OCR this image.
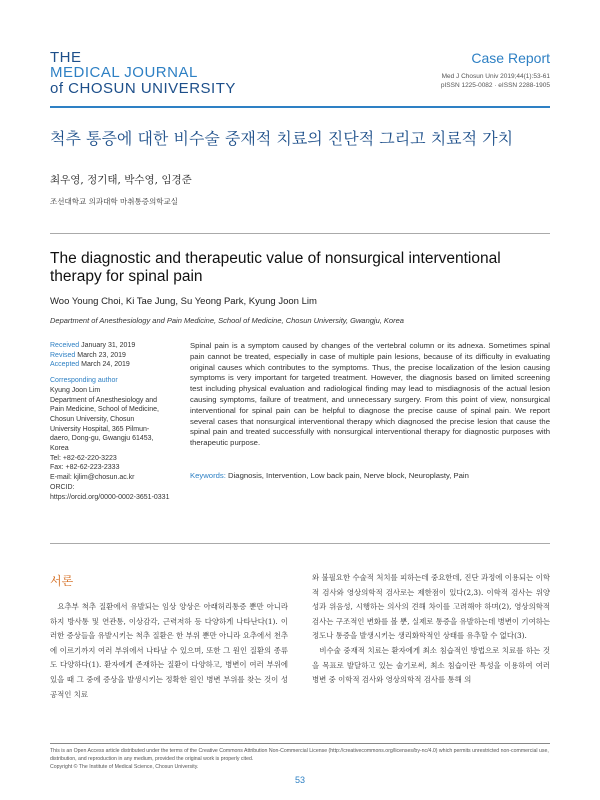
THE
MEDICAL JOURNAL
of CHOSUN UNIVERSITY
Case Report
Med J Chosun Univ 2019;44(1):53-61
pISSN 1225-0082 · eISSN 2288-1905
척추 통증에 대한 비수술 중재적 치료의 진단적 그리고 치료적 가치
최우영, 정기태, 박수영, 임경준
조선대학교 의과대학 마취통증의학교실
The diagnostic and therapeutic value of nonsurgical interventional therapy for spinal pain
Woo Young Choi, Ki Tae Jung, Su Yeong Park, Kyung Joon Lim
Department of Anesthesiology and Pain Medicine, School of Medicine, Chosun University, Gwangju, Korea
Received January 31, 2019
Revised March 23, 2019
Accepted March 24, 2019
Corresponding author
Kyung Joon Lim
Department of Anesthesiology and
Pain Medicine, School of Medicine,
Chosun University, Chosun
University Hospital, 365 Pilmun-
daero, Dong-gu, Gwangju 61453,
Korea
Tel: +82-62-220-3223
Fax: +82-62-223-2333
E-mail: kjlim@chosun.ac.kr
ORCID:
https://orcid.org/0000-0002-3651-0331
Spinal pain is a symptom caused by changes of the vertebral column or its adnexa. Sometimes spinal pain cannot be treated, especially in case of multiple pain lesions, because of its difficulty in evaluating original causes which contributes to the symptoms. Thus, the precise localization of the lesion causing symptoms is very important for targeted treatment. However, the diagnosis based on limited screening test including physical evaluation and radiological finding may lead to misdiagnosis of the actual lesion causing symptoms, failure of treatment, and unnecessary surgery. From this point of view, nonsurgical interventional for spinal pain can be helpful to diagnose the precise cause of spinal pain. We report several cases that nonsurgical interventional therapy which diagnosed the precise lesion that cause the spinal pain and treated successfully with nonsurgical interventional therapy for diagnostic purposes with therapeutic purpose.
Keywords: Diagnosis, Intervention, Low back pain, Nerve block, Neuroplasty, Pain
서론

요추부 척추 질환에서 유발되는 임상 양상은 아래허리통증 뿐만 아니라 하지 방사통 및 연관통, 이상감각, 근력저하 등 다양하게 나타난다(1). 이러한 증상들을 유발시키는 척추 질환은 한 부위 뿐만 아니라 요추에서 천추에 이르기까지 여러 부위에서 나타날 수 있으며, 또한 그 원인 질환의 종류도 다양하다(1). 환자에게 존재하는 질환이 다양하고, 병변이 여러 부위에 있을 때 그 중에 증상을 발생시키는 정확한 원인 병변 부위를 찾는 것이 성공적인 치료

와 불필요한 수술적 처치를 피하는데 중요한데, 진단 과정에 이용되는 이학적 검사와 영상의학적 검사로는 제한점이 있다(2,3). 이학적 검사는 위양성과 위음성, 시행하는 의사의 견해 차이를 고려해야 하며(2), 영상의학적 검사는 구조적인 변화를 볼 뿐, 실제로 통증을 유발하는데 병변이 기여하는 정도나 통증을 발생시키는 생리화학적인 상태를 유추할 수 없다(3).

비수술 중재적 치료는 환자에게 최소 침습적인 방법으로 치료를 하는 것을 목표로 발달하고 있는 술기로써, 최소 침습이란 특성을 이용하여 여러 병변 중 이학적 검사와 영상의학적 검사를 통해 의

This is an Open Access article distributed under the terms of the Creative Commons Attribution Non-Commercial License (http://creativecommons.org/licenses/by-nc/4.0) which permits unrestricted non-commercial use, distribution, and reproduction in any medium, provided the original work is properly cited.
Copyright © The Institute of Medical Science, Chosun University.
53
